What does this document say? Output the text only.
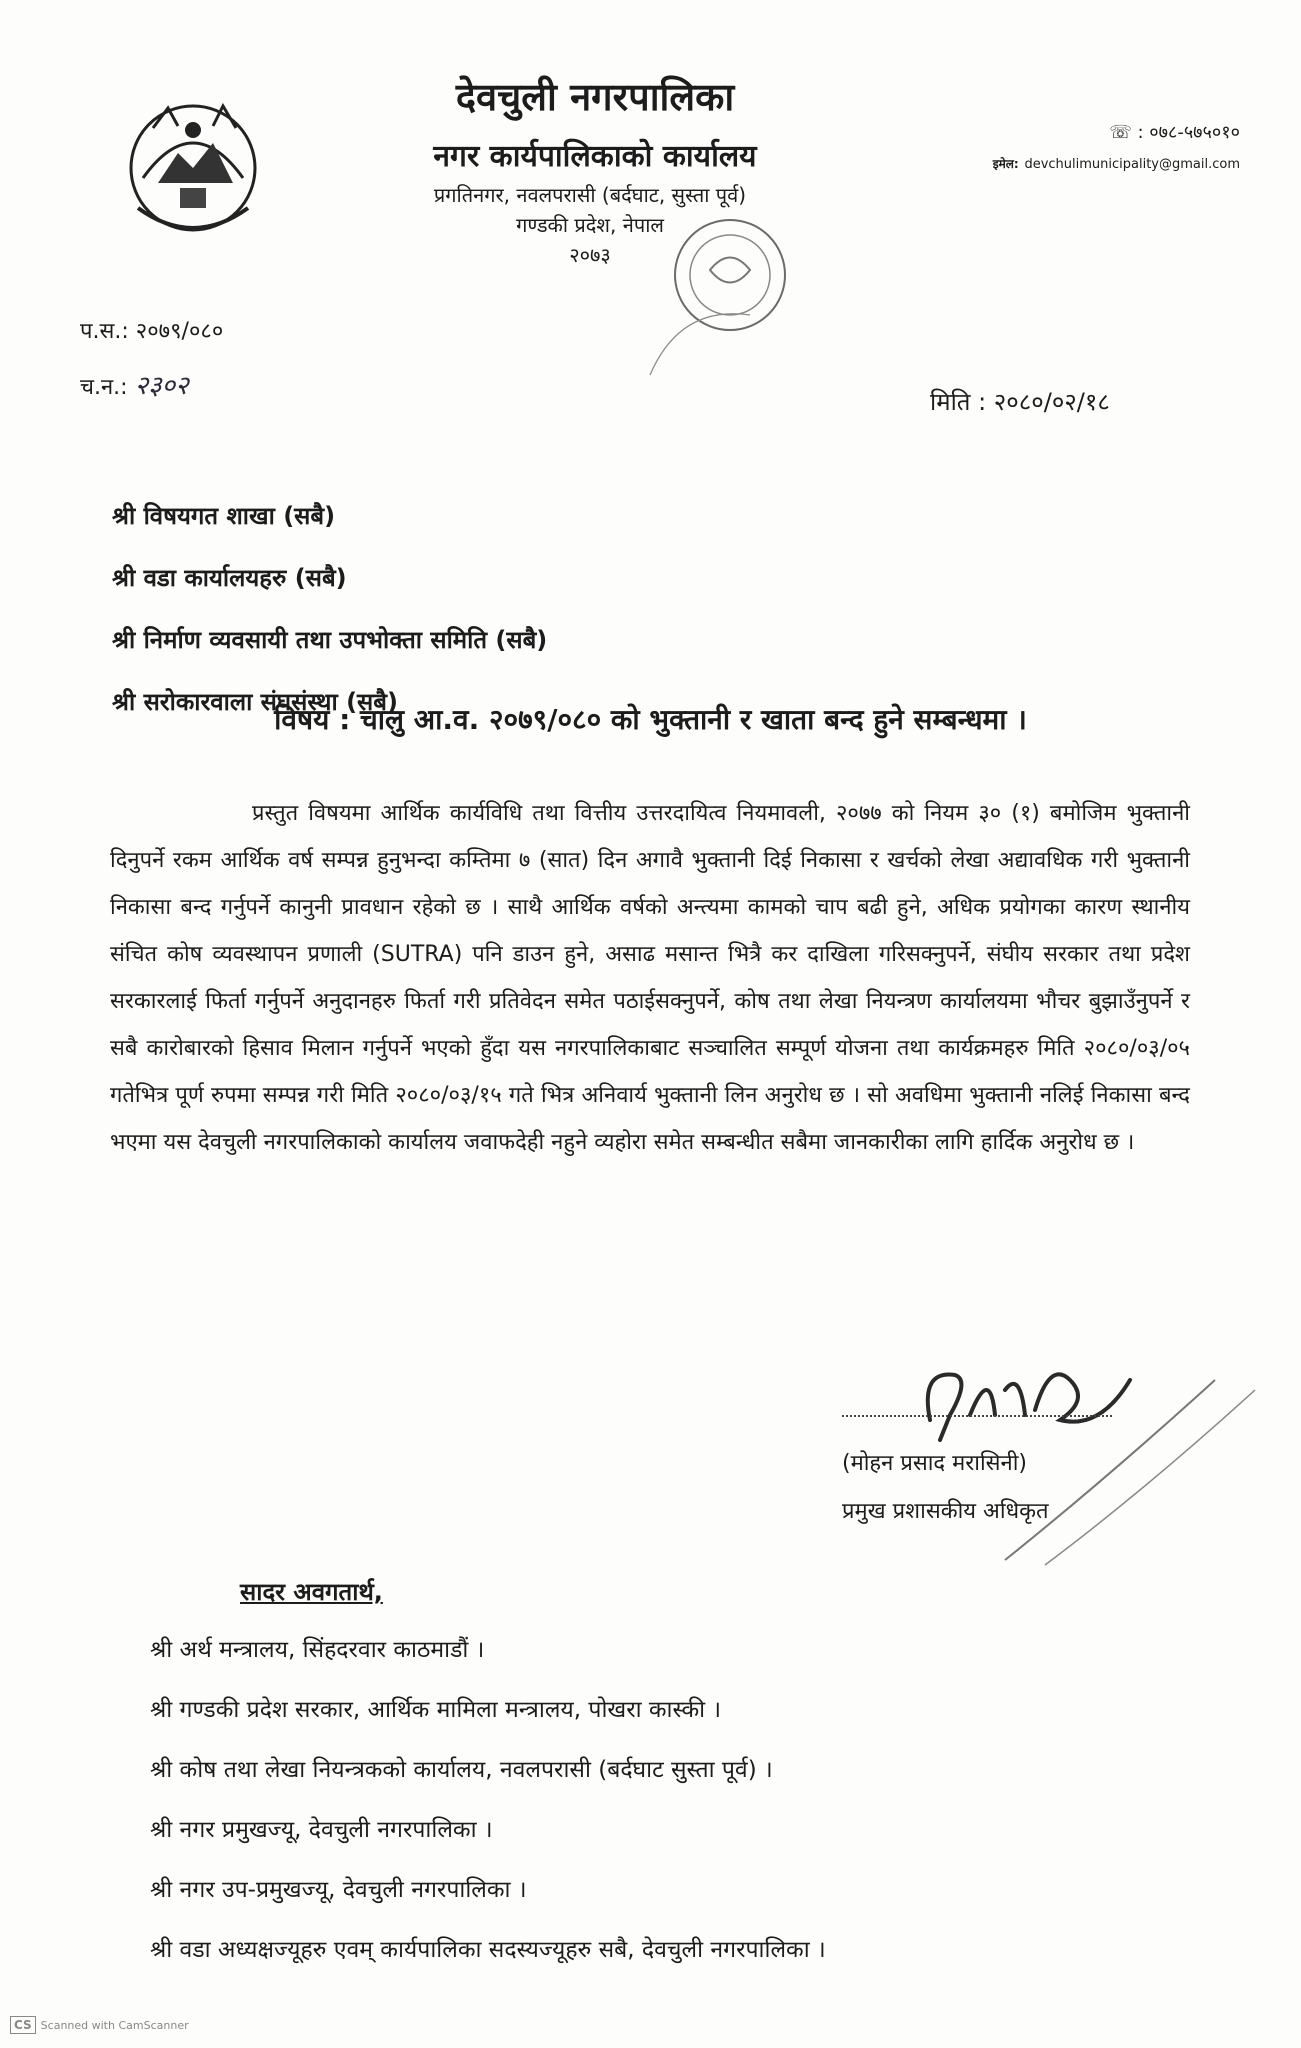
देवचुली नगरपालिका
नगर कार्यपालिकाको कार्यालय
प्रगतिनगर, नवलपरासी (बर्दघाट, सुस्ता पूर्व)
गण्डकी प्रदेश, नेपाल
२०७३
☏ : ०७८-५७५०१०
इमेल: devchulimunicipality@gmail.com
प.स.: २०७९/०८०
च.न.: २३०२
मिति : २०८०/०२/१८
श्री विषयगत शाखा (सबै)
श्री वडा कार्यालयहरु (सबै)
श्री निर्माण व्यवसायी तथा उपभोक्ता समिति (सबै)
श्री सरोकारवाला संघसंस्था (सबै)
विषय : चालु आ.व. २०७९/०८० को भुक्तानी र खाता बन्द हुने सम्बन्धमा ।
प्रस्तुत विषयमा आर्थिक कार्यविधि तथा वित्तीय उत्तरदायित्व नियमावली, २०७७ को नियम ३० (१) बमोजिम भुक्तानी दिनुपर्ने रकम आर्थिक वर्ष सम्पन्न हुनुभन्दा कम्तिमा ७ (सात) दिन अगावै भुक्तानी दिई निकासा र खर्चको लेखा अद्यावधिक गरी भुक्तानी निकासा बन्द गर्नुपर्ने कानुनी प्रावधान रहेको छ । साथै आर्थिक वर्षको अन्त्यमा कामको चाप बढी हुने, अधिक प्रयोगका कारण स्थानीय संचित कोष व्यवस्थापन प्रणाली (SUTRA) पनि डाउन हुने, असाढ मसान्त भित्रै कर दाखिला गरिसक्नुपर्ने, संघीय सरकार तथा प्रदेश सरकारलाई फिर्ता गर्नुपर्ने अनुदानहरु फिर्ता गरी प्रतिवेदन समेत पठाईसक्नुपर्ने, कोष तथा लेखा नियन्त्रण कार्यालयमा भौचर बुझाउँनुपर्ने र सबै कारोबारको हिसाव मिलान गर्नुपर्ने भएको हुँदा यस नगरपालिकाबाट सञ्चालित सम्पूर्ण योजना तथा कार्यक्रमहरु मिति २०८०/०३/०५ गतेभित्र पूर्ण रुपमा सम्पन्न गरी मिति २०८०/०३/१५ गते भित्र अनिवार्य भुक्तानी लिन अनुरोध छ । सो अवधिमा भुक्तानी नलिई निकासा बन्द भएमा यस देवचुली नगरपालिकाको कार्यालय जवाफदेही नहुने व्यहोरा समेत सम्बन्धीत सबैमा जानकारीका लागि हार्दिक अनुरोध छ ।
(मोहन प्रसाद मरासिनी)
प्रमुख प्रशासकीय अधिकृत
सादर अवगतार्थ,
श्री अर्थ मन्त्रालय, सिंहदरवार काठमाडौं ।
श्री गण्डकी प्रदेश सरकार, आर्थिक मामिला मन्त्रालय, पोखरा कास्की ।
श्री कोष तथा लेखा नियन्त्रकको कार्यालय, नवलपरासी (बर्दघाट सुस्ता पूर्व) ।
श्री नगर प्रमुखज्यू, देवचुली नगरपालिका ।
श्री नगर उप-प्रमुखज्यू, देवचुली नगरपालिका ।
श्री वडा अध्यक्षज्यूहरु एवम् कार्यपालिका सदस्यज्यूहरु सबै, देवचुली नगरपालिका ।
CS Scanned with CamScanner
